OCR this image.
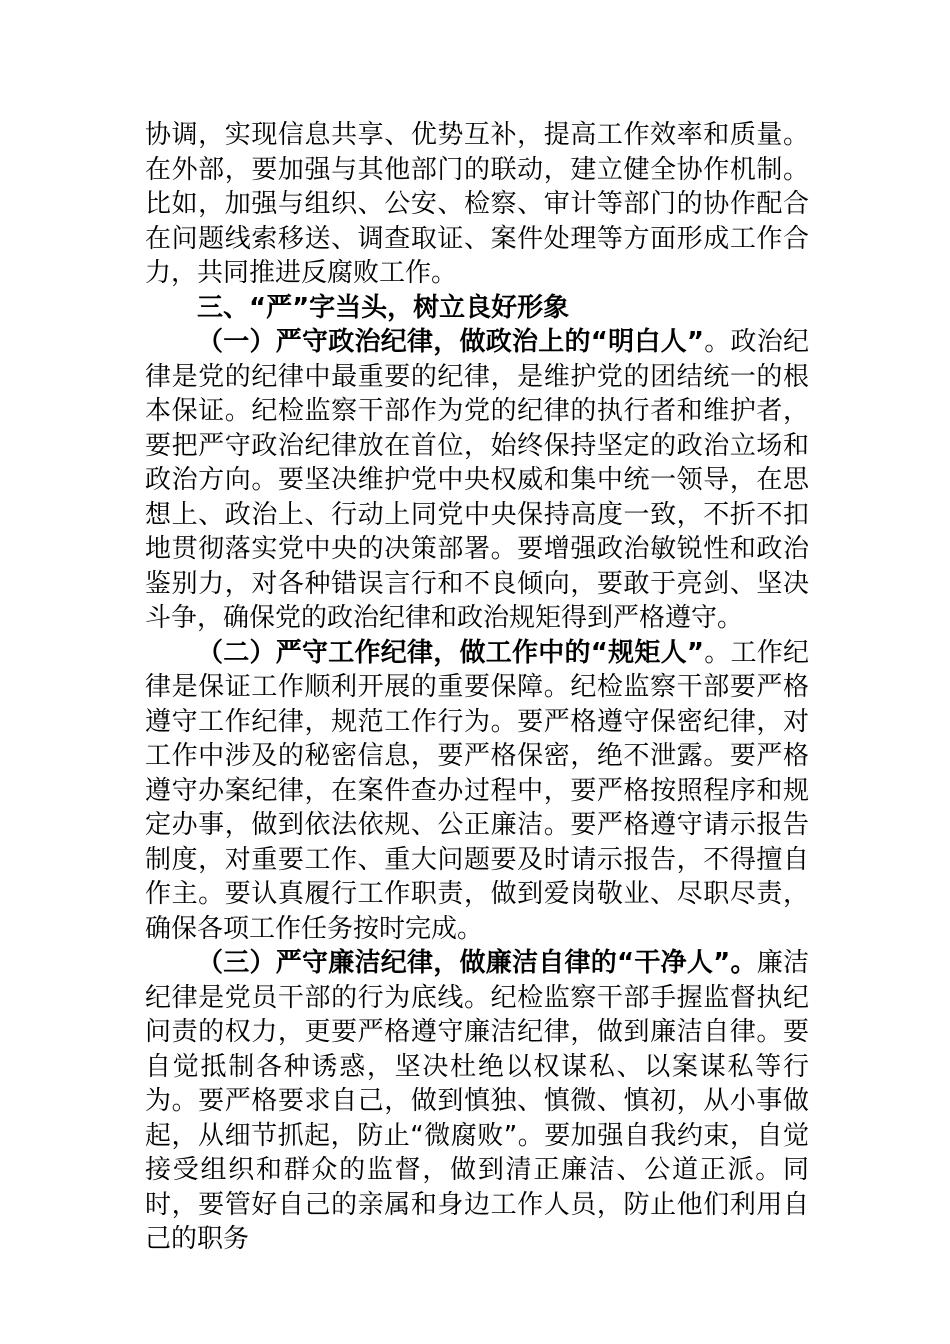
协调，实现信息共享、优势互补，提高工作效率和质量。在外部，要加强与其他部门的联动，建立健全协作机制。比如，加强与组织、公安、检察、审计等部门的协作配合在问题线索移送、调查取证、案件处理等方面形成工作合力，共同推进反腐败工作。

三、“严”字当头，树立良好形象

（一）严守政治纪律，做政治上的“明白人”。政治纪律是党的纪律中最重要的纪律，是维护党的团结统一的根本保证。纪检监察干部作为党的纪律的执行者和维护者，要把严守政治纪律放在首位，始终保持坚定的政治立场和政治方向。要坚决维护党中央权威和集中统一领导，在思想上、政治上、行动上同党中央保持高度一致，不折不扣地贯彻落实党中央的决策部署。要增强政治敏锐性和政治鉴别力，对各种错误言行和不良倾向，要敢于亮剑、坚决斗争，确保党的政治纪律和政治规矩得到严格遵守。

（二）严守工作纪律，做工作中的“规矩人”。工作纪律是保证工作顺利开展的重要保障。纪检监察干部要严格遵守工作纪律，规范工作行为。要严格遵守保密纪律，对工作中涉及的秘密信息，要严格保密，绝不泄露。要严格遵守办案纪律，在案件查办过程中，要严格按照程序和规定办事，做到依法依规、公正廉洁。要严格遵守请示报告制度，对重要工作、重大问题要及时请示报告，不得擅自作主。要认真履行工作职责，做到爱岗敬业、尽职尽责，确保各项工作任务按时完成。

（三）严守廉洁纪律，做廉洁自律的“干净人”。廉洁纪律是党员干部的行为底线。纪检监察干部手握监督执纪问责的权力，更要严格遵守廉洁纪律，做到廉洁自律。要自觉抵制各种诱惑，坚决杜绝以权谋私、以案谋私等行为。要严格要求自己，做到慎独、慎微、慎初，从小事做起，从细节抓起，防止“微腐败”。要加强自我约束，自觉接受组织和群众的监督，做到清正廉洁、公道正派。同时，要管好自己的亲属和身边工作人员，防止他们利用自己的职务
